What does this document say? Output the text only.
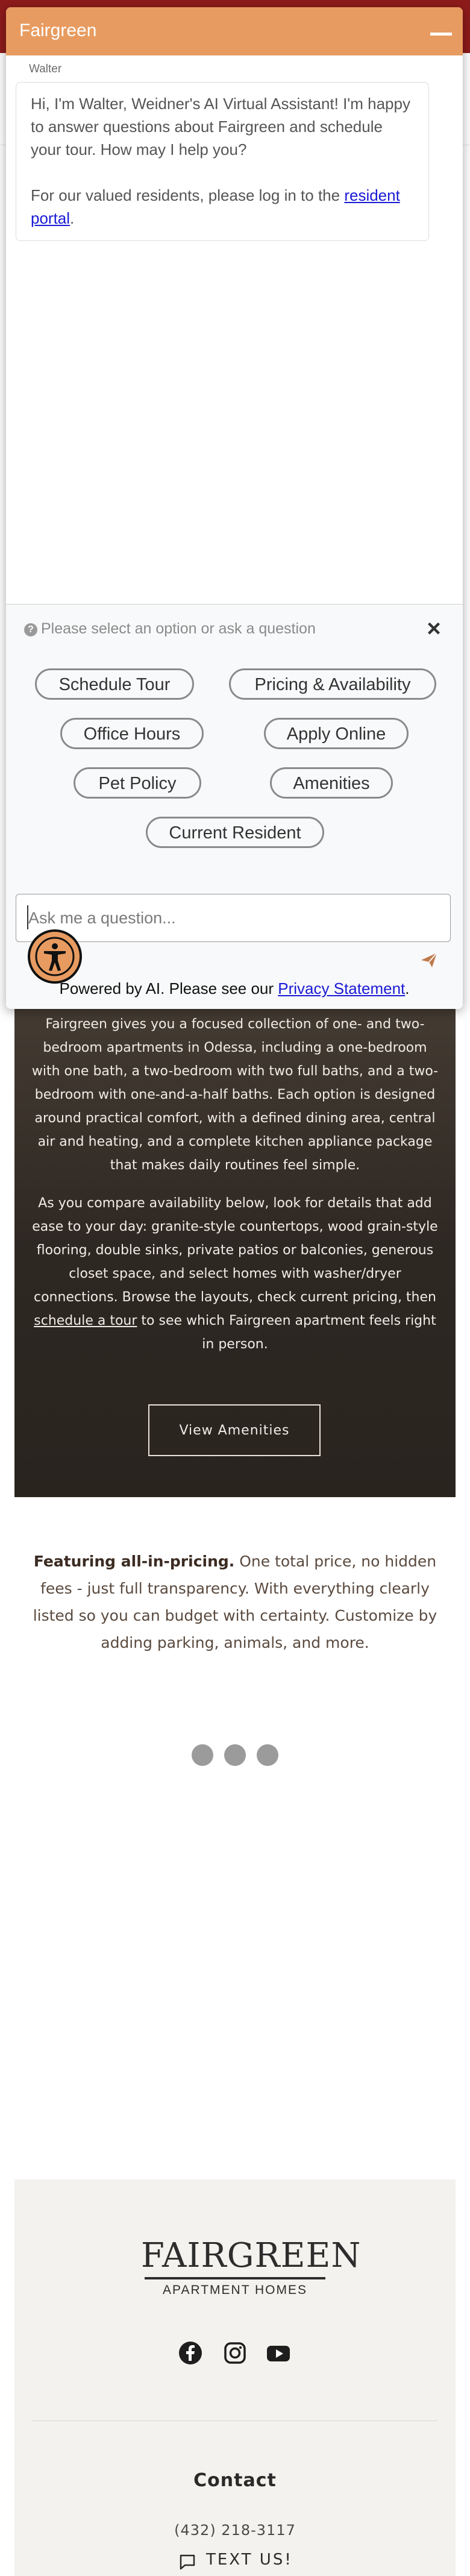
Fairgreen gives you a focused collection of one- and two-bedroom apartments in Odessa, including a one-bedroom with one bath, a two-bedroom with two full baths, and a two-bedroom with one-and-a-half baths. Each option is designed around practical comfort, with a defined dining area, central air and heating, and a complete kitchen appliance package that makes daily routines feel simple.

As you compare availability below, look for details that add ease to your day: granite-style countertops, wood grain-style flooring, double sinks, private patios or balconies, generous closet space, and select homes with washer/dryer connections. Browse the layouts, check current pricing, then schedule a tour to see which Fairgreen apartment feels right in person.

View Amenities
Featuring all-in-pricing. One total price, no hidden fees - just full transparency. With everything clearly listed so you can budget with certainty. Customize by adding parking, animals, and more.
FAIRGREEN
APARTMENT HOMES
Contact
(432) 218-3117
TEXT US!
Fairgreen
Walter

Hi, I'm Walter, Weidner's AI Virtual Assistant! I'm happy to answer questions about Fairgreen and schedule your tour. How may I help you?

For our valued residents, please log in to the resident portal.

? Please select an option or ask a question	×
Schedule Tour	Pricing & Availability
Office Hours	Apply Online
Pet Policy	Amenities
Current Resident
Ask me a question...
Powered by AI. Please see our Privacy Statement.
